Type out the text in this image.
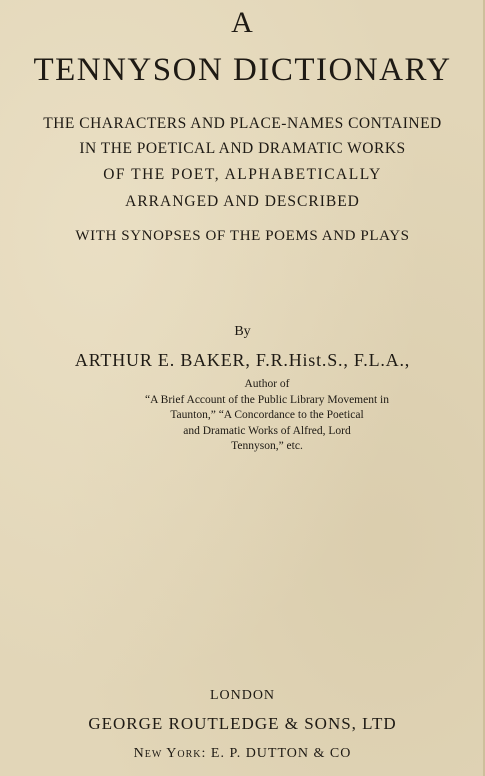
A
TENNYSON DICTIONARY
THE CHARACTERS AND PLACE-NAMES CONTAINED
IN THE POETICAL AND DRAMATIC WORKS
OF THE POET, ALPHABETICALLY
ARRANGED AND DESCRIBED
WITH SYNOPSES OF THE POEMS AND PLAYS
By
ARTHUR E. BAKER, F.R.Hist.S., F.L.A.,
Author of
“A Brief Account of the Public Library Movement in
Taunton,” “A Concordance to the Poetical
and Dramatic Works of Alfred, Lord
Tennyson,” etc.
LONDON
GEORGE ROUTLEDGE & SONS, LTD
New York: E. P. DUTTON & CO
